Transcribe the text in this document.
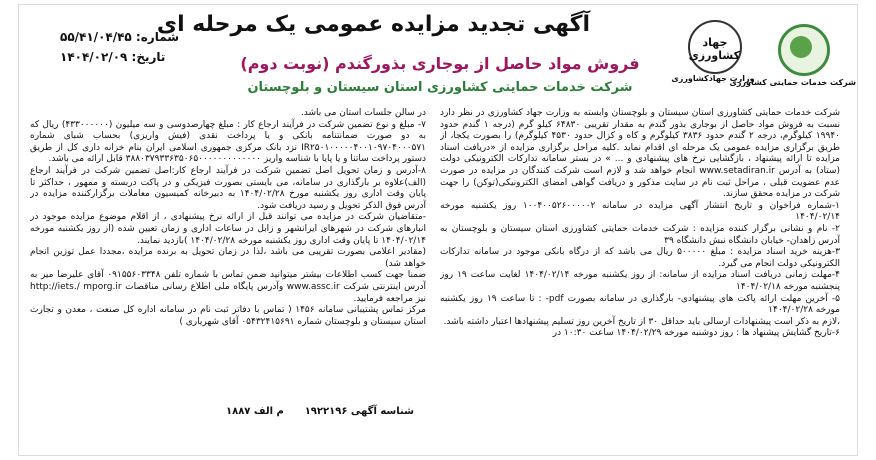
شماره: ۵۵/۴۱/۰۴/۴۵
تاریخ: ۱۴۰۴/۰۲/۰۹
آگهی تجدید مزایده عمومی یک مرحله ای
فروش مواد حاصل از بوجاری بذورگندم (نوبت دوم)
شرکت خدمات حمایتی کشاورزی استان سیستان و بلوچستان	شرکت خدمات حمایتی کشاورزی
جهاد کشاورزی
وزارت جهادکشاورزی

شرکت خدمات حمایتی کشاورزی استان سیستان و بلوچستان وابسته به وزارت جهاد کشاورزی در نظر دارد نسبت به فروش مواد حاصل از بوجاری بذور گندم به مقدار تقریبی ۶۴۸۳۰ کیلو گرم (درجه ۱ گندم حدود ۱۹۹۴۰ کیلوگرم، درجه ۲ گندم حدود ۳۸۳۶ کیلوگرم و کاه و کزال حدود ۴۵۳۰ کیلوگرم) را بصورت یکجا، از طریق برگزاری مزایده عمومی یک مرحله ای اقدام نماید .کلیه مراحل برگزاری مزایده از «دریافت اسناد مزایده تا ارائه پیشنهاد ، بازگشایی نرخ های پیشنهادی و ... » در بستر سامانه تدارکات الکترونیکی دولت (ستاد) به آدرس www.setadiran.ir انجام خواهد شد و لازم است شرکت کنندگان در مزایده در صورت عدم عضویت قبلی ، مراحل ثبت نام در سایت مذکور و دریافت گواهی امضای الکترونیکی(توکن) را جهت شرکت در مزایده محقق سازند.

۱-شماره فراخوان و تاریخ انتشار آگهی مزایده در سامانه ۱۰۰۴۰۰۵۲۶۰۰۰۰۰۲ روز یکشنبه مورخه ۱۴۰۴/۰۲/۱۴

۲- نام و نشانی برگزار کننده مزایده : شرکت خدمات حمایتی کشاورزی استان سیستان و بلوچستان به آدرس زاهدان- خیابان دانشگاه نبش دانشگاه ۳۹

۳-هزینه خرید اسناد مزایده : مبلغ ۵۰۰۰۰۰ ریال می باشد که از درگاه بانکی موجود در سامانه تدارکات الکترونیکی دولت انجام می گیرد.

۴-مهلت زمانی دریافت اسناد مزایده از سامانه: از روز یکشنبه مورخه ۱۴۰۴/۰۲/۱۴ لغایت ساعت ۱۹ روز پنجشنبه مورخه ۱۴۰۴/۰۲/۱۸

۵- آخرین مهلت ارائه پاکت های پیشنهادی- بارگذاری در سامانه بصورت pdf- : تا ساعت ۱۹ روز یکشنبه مورخه ۱۴۰۴/۰۲/۲۸

،لازم به ذکر است پیشنهادات ارسالی باید حداقل ۳۰ از تاریخ آخرین روز تسلیم پیشنهادها اعتبار داشته باشد.

۶-تاریخ گشایش پیشنهاد ها : روز دوشنبه مورخه ۱۴۰۴/۰۲/۲۹ ساعت ۱۰:۳۰ در

در سالن جلسات استان می باشد.

۷- مبلغ و نوع تضمین شرکت در فرآیند ارجاع کار : مبلغ چهارصدوسی و سه میلیون (۴۳۳۰۰۰۰۰۰) ریال که به دو صورت ضمانتنامه بانکی و یا پرداخت نقدی (فیش واریزی) بحساب شبای شماره IR۲۵۰۱۰۰۰۰۰۴۰۰۱۰۹۷۰۴۰۰۰۵۷۱ نزد بانک مرکزی جمهوری اسلامی ایران بنام خزانه داری کل از طریق دستور پرداخت ساتنا و یا پایا با شناسه واریز ۳۸۸۰۳۷۹۳۳۶۳۵۰۶۵۰۰۰۰۰۰۰۰۰۰۰۰۰ قابل ارائه می باشد.

۸-آدرس و زمان تحویل اصل تضمین شرکت در فرآیند ارجاع کار:اصل تضمین شرکت در فرآیند ارجاع (الف)علاوه بر بارگذاری در سامانه، می بایستی بصورت فیزیکی و در پاکت دربسته و ممهور ، حداکثر تا پایان وقت اداری روز یکشنبه مورخ ۱۴۰۴/۰۲/۲۸ به دبیرخانه کمیسیون معاملات برگزارکننده مزایده در آدرس فوق الذکر تحویل و رسید دریافت شود.

-متقاضیان شرکت در مزایده می توانند قبل از ارائه نرخ پیشنهادی ، از اقلام موضوع مزایده موجود در انبارهای شرکت در شهرهای ایرانشهر و زابل در ساعات اداری و زمان تعیین شده (از روز یکشنبه مورخه ۱۴۰۴/۰۲/۱۴ تا پایان وقت اداری روز یکشنبه مورخه ۱۴۰۴/۰۲/۲۸ )بازدید نمایند.

(مقادیر اعلامی بصورت تقریبی می باشد ،لذا در زمان تحویل به برنده مزایده ،مجددا عمل توزین انجام خواهد شد)

ضمنا جهت کسب اطلاعات بیشتر میتوانید ضمن تماس با شماره تلفن ۰۹۱۵۵۶۰۳۳۴۸ آقای علیرضا میر به آدرس اینترنتی شرکت www.assc.ir وآدرس پایگاه ملی اطلاع رسانی مناقصات http://iets./ mporg.ir نیز مراجعه فرمایید.

مرکز تماس پشتیبانی سامانه ۱۴۵۶ ( تماس با دفاتر ثبت نام در سامانه اداره کل صنعت ، معدن و تجارت استان سیستان و بلوچستان شماره ۰۵۴۳۲۴۱۵۶۹۱ آقای شهریاری )

شناسه آگهی ۱۹۲۲۱۹۶      م الف ۱۸۸۷
